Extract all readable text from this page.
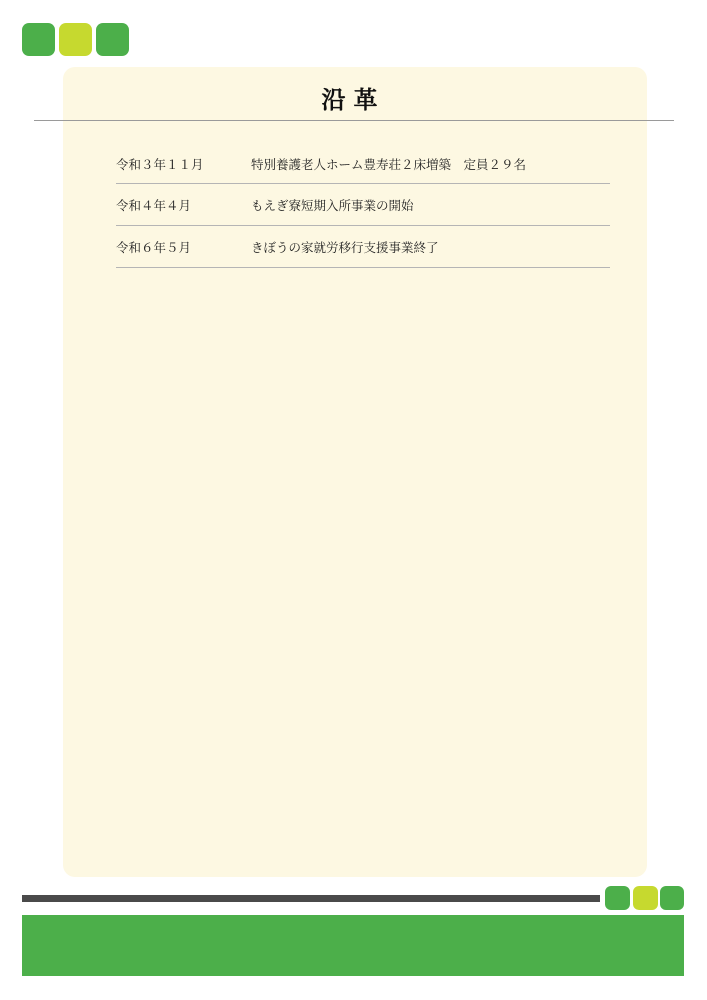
沿革
令和３年１１月	特別養護老人ホーム豊寿荘２床増築　定員２９名
令和４年４月	もえぎ寮短期入所事業の開始
令和６年５月	きぼうの家就労移行支援事業終了
